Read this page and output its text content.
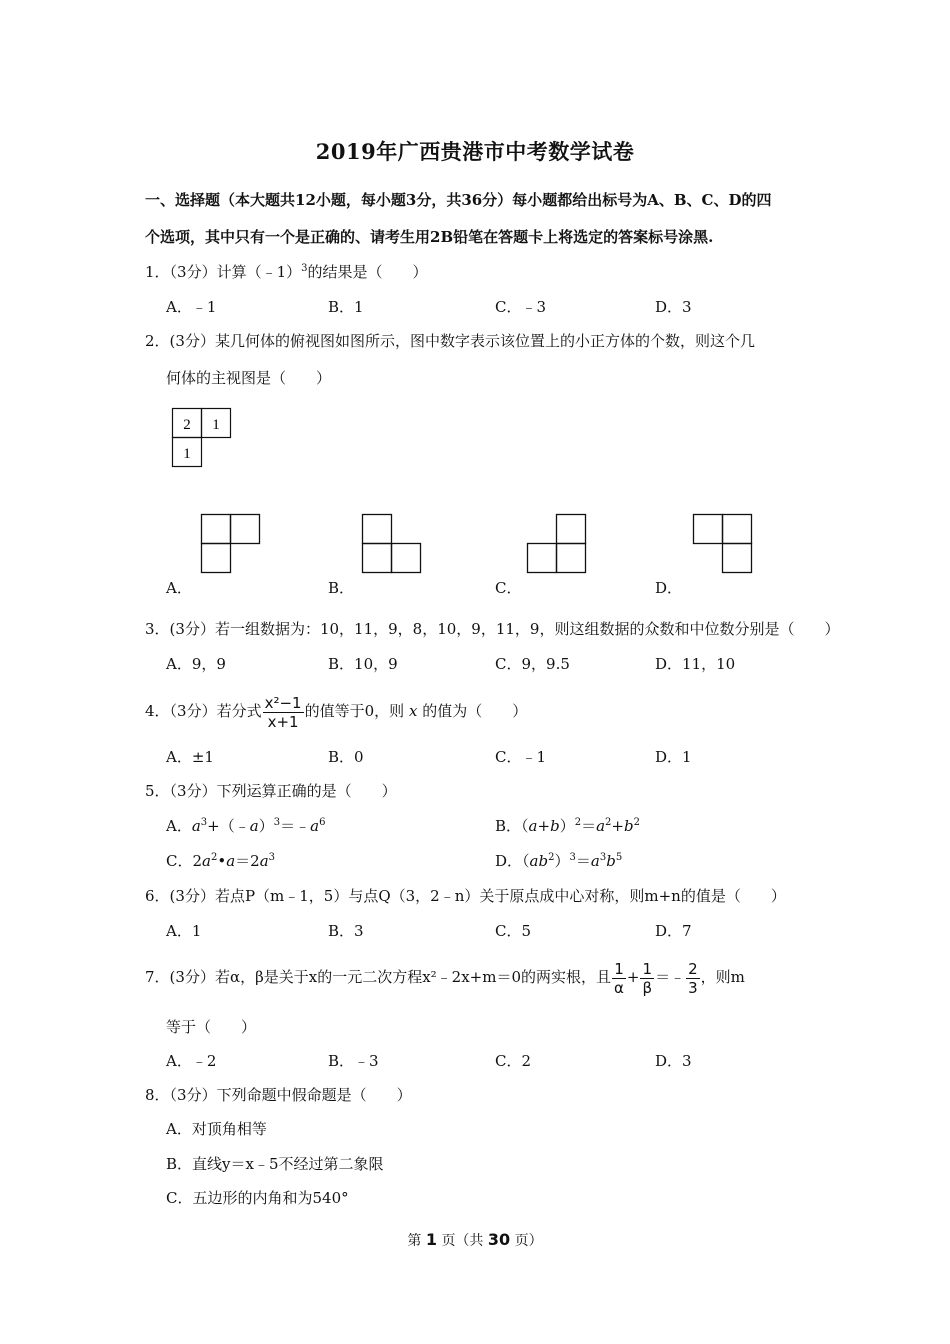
2019年广西贵港市中考数学试卷
一、选择题（本大题共12小题，每小题3分，共36分）每小题都给出标号为A、B、C、D的四
个选项，其中只有一个是正确的、请考生用2B铅笔在答题卡上将选定的答案标号涂黑.
1．（3分）计算（﹣1）$^3$的结果是（　　）
A．﹣1	B．1	C．﹣3	D．3
2．(3分）某几何体的俯视图如图所示，图中数字表示该位置上的小正方体的个数，则这个几
何体的主视图是（　　）
2 1
1
A．	B．	C．	D．
3．(3分）若一组数据为：10，11，9，8，10，9，11，9，则这组数据的众数和中位数分别是（　　）
A．9，9	B．10，9	C．9，9.5	D．11，10
4．（3分）若分式 $\frac{\text{x²−1}}{x+1}$ 的值等于0，则 x 的值为（　　）
A．±1	B．0	C．﹣1	D．1
5．（3分）下列运算正确的是（　　）
A．$a^3+(﹣a)^3=﹣a^6$	B．$(a+b)^2=a^2+b^2$
C．$2a^2•a=2a^3$	D．$(ab^2)^3=a^3b^5$
6．(3分）若点P（m﹣1，5）与点Q（3，2﹣n）关于原点成中心对称，则m+n的值是（　　）
A．1	B．3	C．5	D．7
7．(3分）若α，β是关于x的一元二次方程x²﹣2x+m＝0的两实根，且 $\frac{1}{\alpha} + \frac{1}{\beta}$ ＝﹣ $\frac{2}{3}$ ，则m
等于（　　）
A．﹣2	B．﹣3	C．2	D．3
8．（3分）下列命题中假命题是（　　）
A．对顶角相等
B．直线y＝x﹣5不经过第二象限
C．五边形的内角和为540°
第 1 页（共 30 页）
